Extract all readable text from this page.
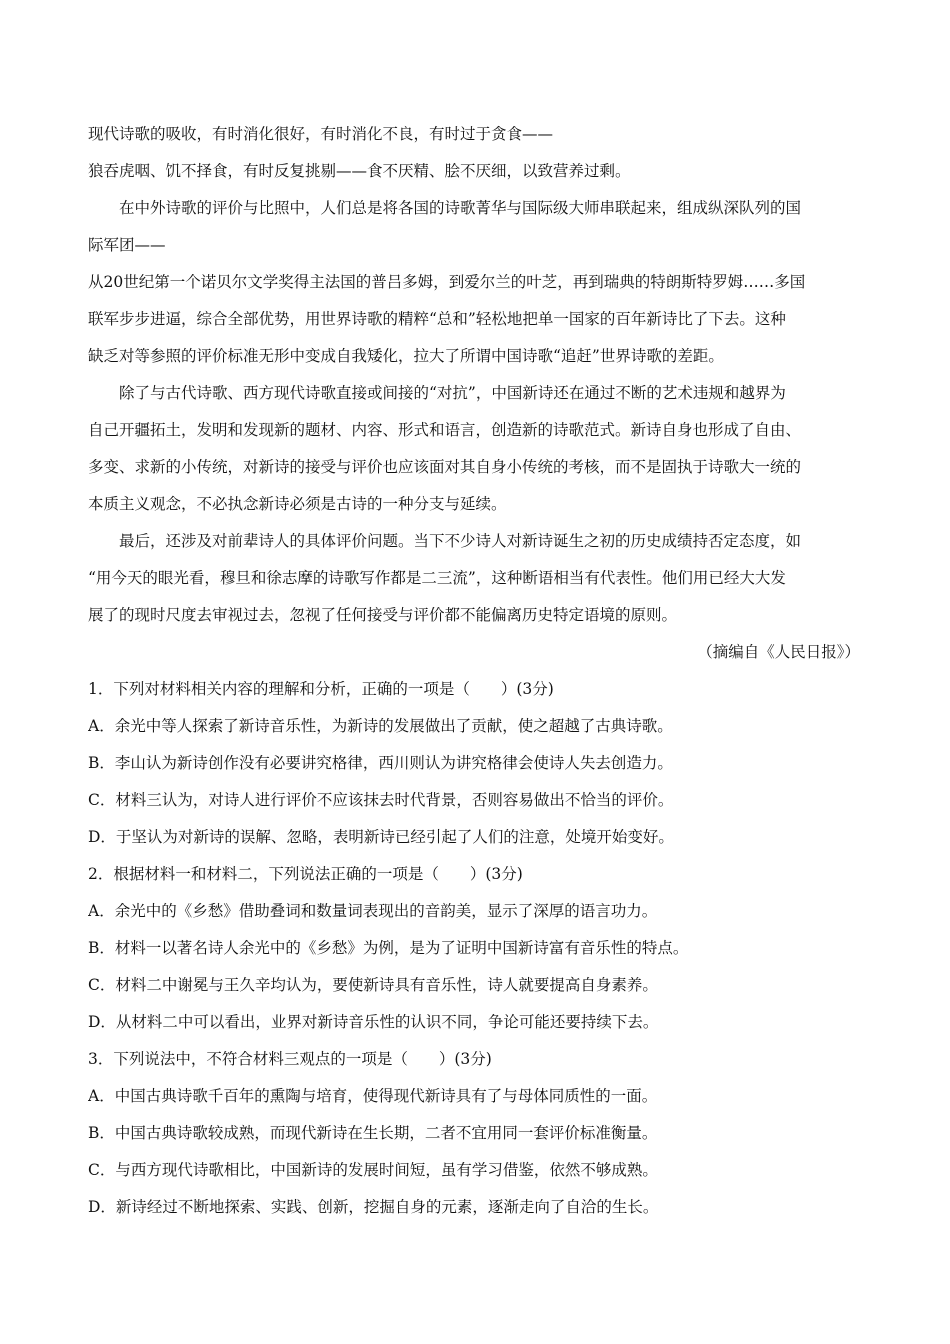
现代诗歌的吸收，有时消化很好，有时消化不良，有时过于贪食——
狼吞虎咽、饥不择食，有时反复挑剔——食不厌精、脍不厌细，以致营养过剩。
在中外诗歌的评价与比照中，人们总是将各国的诗歌菁华与国际级大师串联起来，组成纵深队列的国
际军团——
从20世纪第一个诺贝尔文学奖得主法国的普吕多姆，到爱尔兰的叶芝，再到瑞典的特朗斯特罗姆……多国
联军步步进逼，综合全部优势，用世界诗歌的精粹“总和”轻松地把单一国家的百年新诗比了下去。这种
缺乏对等参照的评价标准无形中变成自我矮化，拉大了所谓中国诗歌“追赶”世界诗歌的差距。
除了与古代诗歌、西方现代诗歌直接或间接的“对抗”，中国新诗还在通过不断的艺术违规和越界为
自己开疆拓土，发明和发现新的题材、内容、形式和语言，创造新的诗歌范式。新诗自身也形成了自由、
多变、求新的小传统，对新诗的接受与评价也应该面对其自身小传统的考核，而不是固执于诗歌大一统的
本质主义观念，不必执念新诗必须是古诗的一种分支与延续。
最后，还涉及对前辈诗人的具体评价问题。当下不少诗人对新诗诞生之初的历史成绩持否定态度，如
“用今天的眼光看，穆旦和徐志摩的诗歌写作都是二三流”，这种断语相当有代表性。他们用已经大大发
展了的现时尺度去审视过去，忽视了任何接受与评价都不能偏离历史特定语境的原则。
（摘编自《人民日报》）
1．下列对材料相关内容的理解和分析，正确的一项是（　　）(3分)
A．余光中等人探索了新诗音乐性，为新诗的发展做出了贡献，使之超越了古典诗歌。
B．李山认为新诗创作没有必要讲究格律，西川则认为讲究格律会使诗人失去创造力。
C．材料三认为，对诗人进行评价不应该抹去时代背景，否则容易做出不恰当的评价。
D．于坚认为对新诗的误解、忽略，表明新诗已经引起了人们的注意，处境开始变好。
2．根据材料一和材料二，下列说法正确的一项是（　　）(3分)
A．余光中的《乡愁》借助叠词和数量词表现出的音韵美，显示了深厚的语言功力。
B．材料一以著名诗人余光中的《乡愁》为例，是为了证明中国新诗富有音乐性的特点。
C．材料二中谢冕与王久辛均认为，要使新诗具有音乐性，诗人就要提高自身素养。
D．从材料二中可以看出，业界对新诗音乐性的认识不同，争论可能还要持续下去。
3．下列说法中，不符合材料三观点的一项是（　　）(3分)
A．中国古典诗歌千百年的熏陶与培育，使得现代新诗具有了与母体同质性的一面。
B．中国古典诗歌较成熟，而现代新诗在生长期，二者不宜用同一套评价标准衡量。
C．与西方现代诗歌相比，中国新诗的发展时间短，虽有学习借鉴，依然不够成熟。
D．新诗经过不断地探索、实践、创新，挖掘自身的元素，逐渐走向了自洽的生长。
